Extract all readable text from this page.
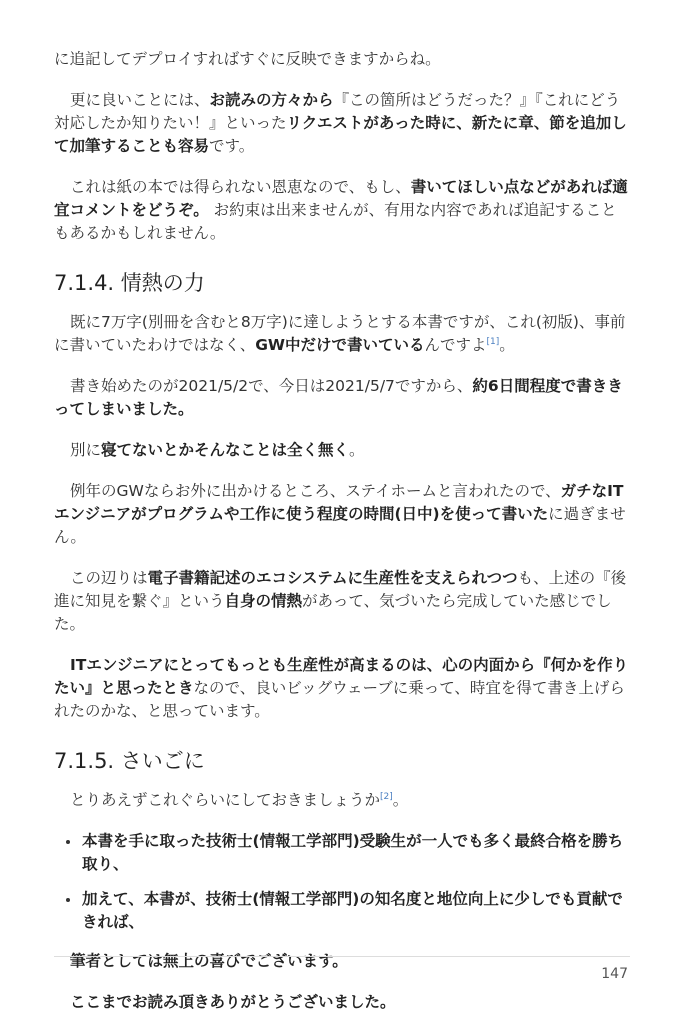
に追記してデプロイすればすぐに反映できますからね。

更に良いことには、お読みの方々から『この箇所はどうだった？』『これにどう対応したか知りたい！』といったリクエストがあった時に、新たに章、節を追加して加筆することも容易です。

これは紙の本では得られない恩恵なので、もし、書いてほしい点などがあれば適宜コメントをどうぞ。 お約束は出来ませんが、有用な内容であれば追記することもあるかもしれません。

7.1.4. 情熱の力

既に7万字(別冊を含むと8万字)に達しようとする本書ですが、これ(初版)、事前に書いていたわけではなく、GW中だけで書いているんですよ[1]。

書き始めたのが2021/5/2で、今日は2021/5/7ですから、約6日間程度で書ききってしまいました。

別に寝てないとかそんなことは全く無く。

例年のGWならお外に出かけるところ、ステイホームと言われたので、ガチなITエンジニアがプログラムや工作に使う程度の時間(日中)を使って書いたに過ぎません。

この辺りは電子書籍記述のエコシステムに生産性を支えられつつも、上述の『後進に知見を繋ぐ』という自身の情熱があって、気づいたら完成していた感じでした。

ITエンジニアにとってもっとも生産性が高まるのは、心の内面から『何かを作りたい』と思ったときなので、良いビッグウェーブに乗って、時宜を得て書き上げられたのかな、と思っています。

7.1.5. さいごに

とりあえずこれぐらいにしておきましょうか[2]。

本書を手に取った技術士(情報工学部門)受験生が一人でも多く最終合格を勝ち取り、
加えて、本書が、技術士(情報工学部門)の知名度と地位向上に少しでも貢献できれば、

筆者としては無上の喜びでございます。

ここまでお読み頂きありがとうございました。

147
